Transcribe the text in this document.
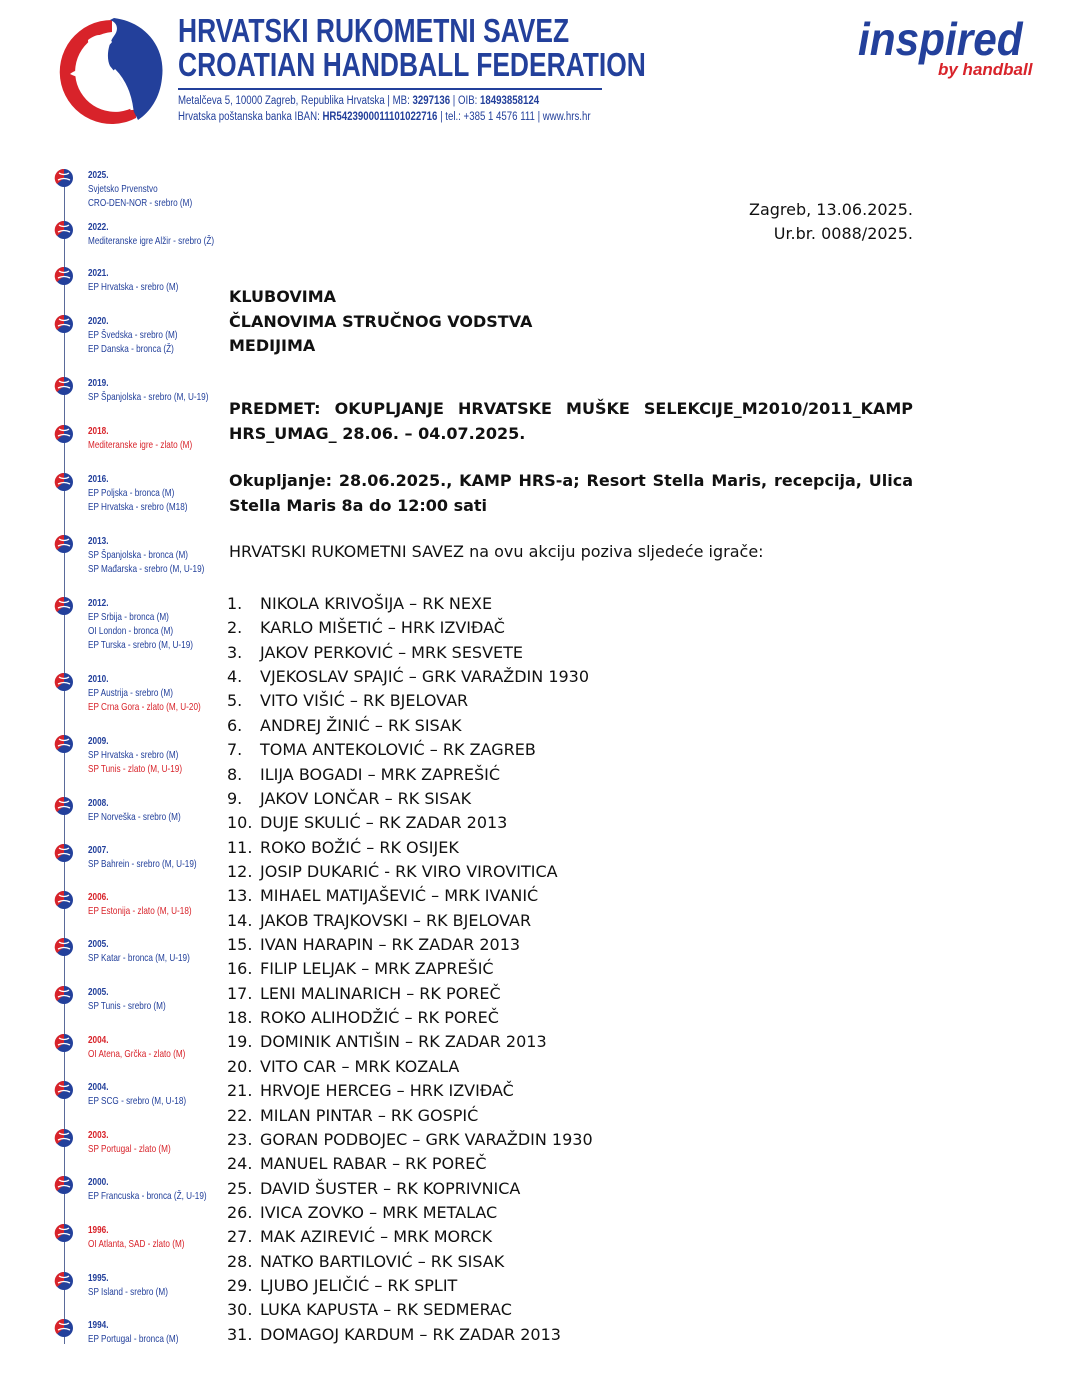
HRVATSKI RUKOMETNI SAVEZ
CROATIAN HANDBALL FEDERATION
Metalčeva 5, 10000 Zagreb, Republika Hrvatska | MB: 3297136 | OIB: 18493858124
Hrvatska poštanska banka IBAN: HR5423900011101022716 | tel.: +385 1 4576 111 | www.hrs.hr
inspired
by handball
2025.
Svjetsko Prvenstvo
CRO-DEN-NOR - srebro (M)
2022.
Mediteranske igre Alžir - srebro (Ž)
2021.
EP Hrvatska - srebro (M)
2020.
EP Švedska - srebro (M)
EP Danska - bronca (Ž)
2019.
SP Španjolska - srebro (M, U-19)
2018.
Mediteranske igre - zlato (M)
2016.
EP Poljska - bronca (M)
EP Hrvatska - srebro (M18)
2013.
SP Španjolska - bronca (M)
SP Mađarska - srebro (M, U-19)
2012.
EP Srbija - bronca (M)
OI London - bronca (M)
EP Turska - srebro (M, U-19)
2010.
EP Austrija - srebro (M)
EP Crna Gora - zlato (M, U-20)
2009.
SP Hrvatska - srebro (M)
SP Tunis - zlato (M, U-19)
2008.
EP Norveška - srebro (M)
2007.
SP Bahrein - srebro (M, U-19)
2006.
EP Estonija - zlato (M, U-18)
2005.
SP Katar - bronca (M, U-19)
2005.
SP Tunis - srebro (M)
2004.
OI Atena, Grčka - zlato (M)
2004.
EP SCG - srebro (M, U-18)
2003.
SP Portugal - zlato (M)
2000.
EP Francuska - bronca (Ž, U-19)
1996.
OI Atlanta, SAD - zlato (M)
1995.
SP Island - srebro (M)
1994.
EP Portugal - bronca (M)
Zagreb, 13.06.2025.
Ur.br. 0088/2025.
KLUBOVIMA
ČLANOVIMA STRUČNOG VODSTVA
MEDIJIMA
PREDMET: OKUPLJANJE HRVATSKE MUŠKE SELEKCIJE_M2010/2011_KAMP HRS_UMAG_ 28.06. – 04.07.2025.
Okupljanje: 28.06.2025., KAMP HRS-a; Resort Stella Maris, recepcija, Ulica Stella Maris 8a do 12:00 sati
HRVATSKI RUKOMETNI SAVEZ na ovu akciju poziva sljedeće igrače:
1. NIKOLA KRIVOŠIJA – RK NEXE
2. KARLO MIŠETIĆ – HRK IZVIĐAČ
3. JAKOV PERKOVIĆ – MRK SESVETE
4. VJEKOSLAV SPAJIĆ – GRK VARAŽDIN 1930
5. VITO VIŠIĆ – RK BJELOVAR
6. ANDREJ ŽINIĆ – RK SISAK
7. TOMA ANTEKOLOVIĆ – RK ZAGREB
8. ILIJA BOGADI – MRK ZAPREŠIĆ
9. JAKOV LONČAR – RK SISAK
10. DUJE SKULIĆ – RK ZADAR 2013
11. ROKO BOŽIĆ – RK OSIJEK
12. JOSIP DUKARIĆ - RK VIRO VIROVITICA
13. MIHAEL MATIJAŠEVIĆ – MRK IVANIĆ
14. JAKOB TRAJKOVSKI – RK BJELOVAR
15. IVAN HARAPIN – RK ZADAR 2013
16. FILIP LELJAK – MRK ZAPREŠIĆ
17. LENI MALINARICH – RK POREČ
18. ROKO ALIHODŽIĆ – RK POREČ
19. DOMINIK ANTIŠIN – RK ZADAR 2013
20. VITO CAR – MRK KOZALA
21. HRVOJE HERCEG – HRK IZVIĐAČ
22. MILAN PINTAR – RK GOSPIĆ
23. GORAN PODBOJEC – GRK VARAŽDIN 1930
24. MANUEL RABAR – RK POREČ
25. DAVID ŠUSTER – RK KOPRIVNICA
26. IVICA ZOVKO – MRK METALAC
27. MAK AZIREVIĆ – MRK MORCK
28. NATKO BARTILOVIĆ – RK SISAK
29. LJUBO JELIČIĆ – RK SPLIT
30. LUKA KAPUSTA – RK SEDMERAC
31. DOMAGOJ KARDUM – RK ZADAR 2013
